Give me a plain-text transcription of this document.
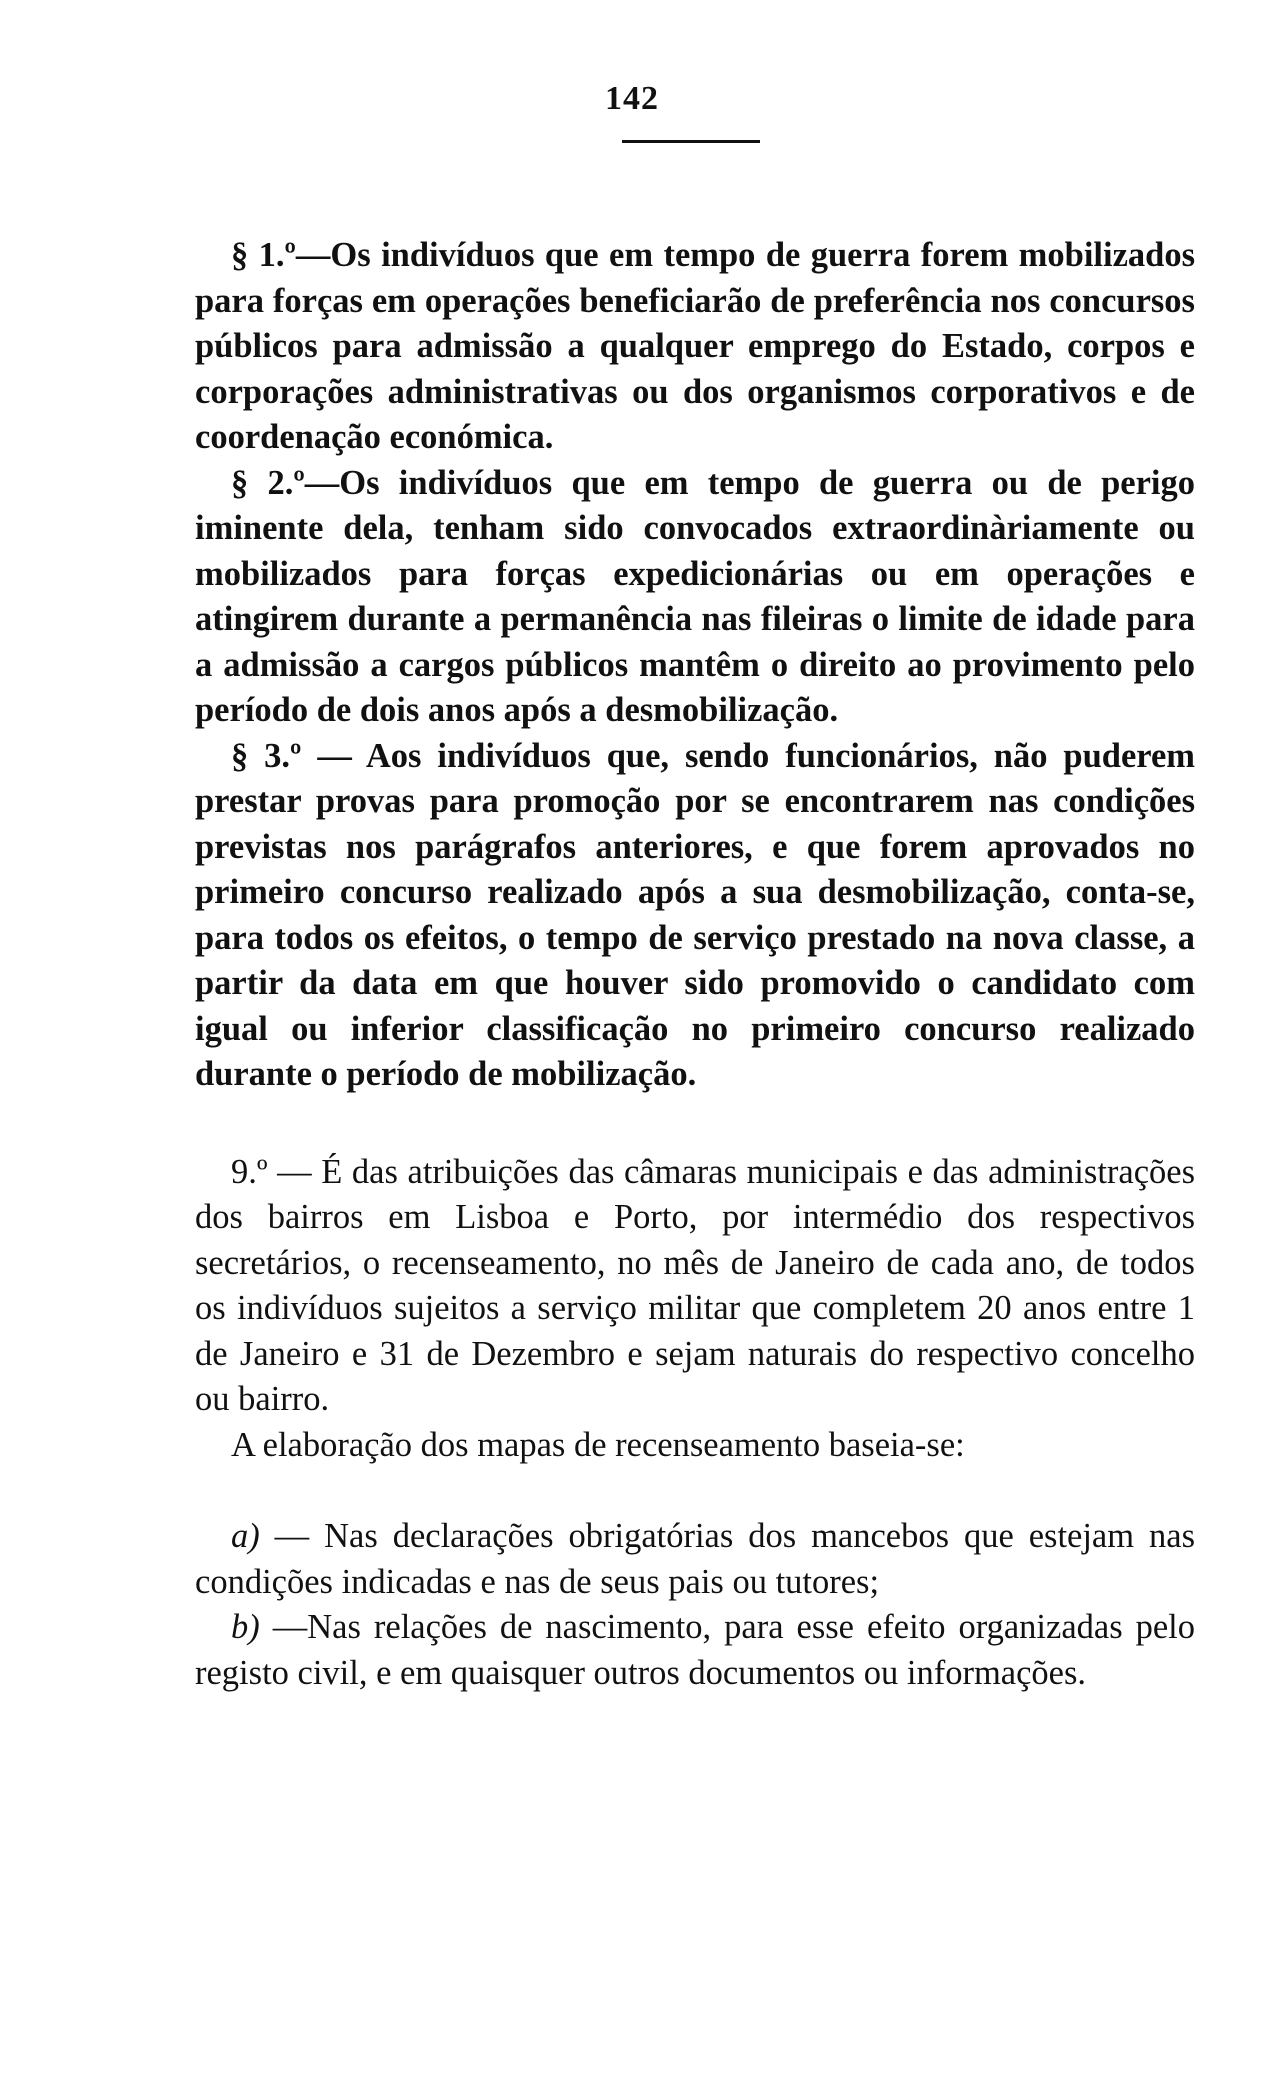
142

§ 1.º—Os indivíduos que em tempo de guerra forem mobilizados para forças em operações beneficiarão de preferência nos concursos públicos para admissão a qualquer emprego do Estado, corpos e corporações administrativas ou dos organismos corporativos e de coordenação económica.

§ 2.º—Os indivíduos que em tempo de guerra ou de perigo iminente dela, tenham sido convocados extraordinàriamente ou mobilizados para forças expedicionárias ou em operações e atingirem durante a permanência nas fileiras o limite de idade para a admissão a cargos públicos mantêm o direito ao provimento pelo período de dois anos após a desmobilização.

§ 3.º — Aos indivíduos que, sendo funcionários, não puderem prestar provas para promoção por se encontrarem nas condições previstas nos parágrafos anteriores, e que forem aprovados no primeiro concurso realizado após a sua desmobilização, conta-se, para todos os efeitos, o tempo de serviço prestado na nova classe, a partir da data em que houver sido promovido o candidato com igual ou inferior classificação no primeiro concurso realizado durante o período de mobilização.

9.º — É das atribuições das câmaras municipais e das administrações dos bairros em Lisboa e Porto, por intermédio dos respectivos secretários, o recenseamento, no mês de Janeiro de cada ano, de todos os indivíduos sujeitos a serviço militar que completem 20 anos entre 1 de Janeiro e 31 de Dezembro e sejam naturais do respectivo concelho ou bairro.

A elaboração dos mapas de recenseamento baseia-se:

a) — Nas declarações obrigatórias dos mancebos que estejam nas condições indicadas e nas de seus pais ou tutores;

b) —Nas relações de nascimento, para esse efeito organizadas pelo registo civil, e em quaisquer outros documentos ou informações.
